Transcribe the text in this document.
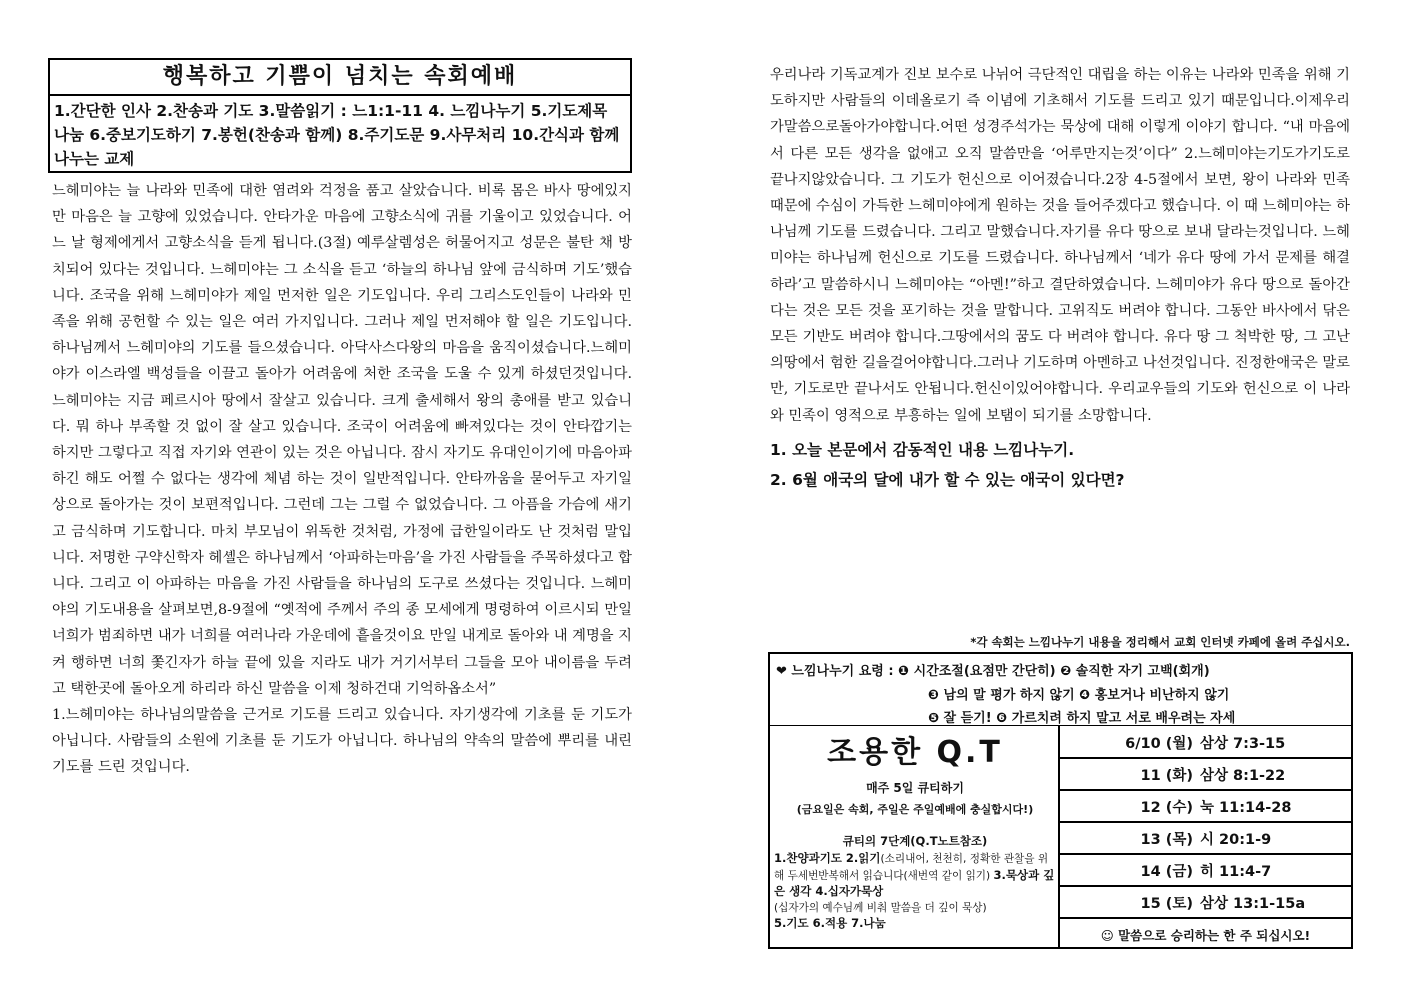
행복하고 기쁨이 넘치는 속회예배
1.간단한 인사 2.찬송과 기도 3.말씀읽기 : 느1:1-11 4. 느낌나누기 5.기도제목 나눔 6.중보기도하기 7.봉헌(찬송과 함께) 8.주기도문 9.사무처리 10.간식과 함께 나누는 교제

느헤미야는 늘 나라와 민족에 대한 염려와 걱정을 품고 살았습니다. 비록 몸은 바사 땅에있지만 마음은 늘 고향에 있었습니다. 안타가운 마음에 고향소식에 귀를 기울이고 있었습니다. 어느 날 형제에게서 고향소식을 듣게 됩니다.(3절) 예루살렘성은 허물어지고 성문은 불탄 채 방치되어 있다는 것입니다. 느헤미야는 그 소식을 듣고 ‘하늘의 하나님 앞에 금식하며 기도’했습니다. 조국을 위해 느헤미야가 제일 먼저한 일은 기도입니다. 우리 그리스도인들이 나라와 민족을 위해 공헌할 수 있는 일은 여러 가지입니다. 그러나 제일 먼저해야 할 일은 기도입니다. 하나님께서 느헤미야의 기도를 들으셨습니다. 아닥사스다왕의 마음을 움직이셨습니다.느헤미야가 이스라엘 백성들을 이끌고 돌아가 어려움에 처한 조국을 도울 수 있게 하셨던것입니다. 느헤미야는 지금 페르시아 땅에서 잘살고 있습니다. 크게 출세해서 왕의 총애를 받고 있습니다. 뭐 하나 부족할 것 없이 잘 살고 있습니다. 조국이 어려움에 빠져있다는 것이 안타깝기는 하지만 그렇다고 직접 자기와 연관이 있는 것은 아닙니다. 잠시 자기도 유대인이기에 마음아파 하긴 해도 어쩔 수 없다는 생각에 체념 하는 것이 일반적입니다. 안타까움을 묻어두고 자기일상으로 돌아가는 것이 보편적입니다. 그런데 그는 그럴 수 없었습니다. 그 아픔을 가슴에 새기고 금식하며 기도합니다. 마치 부모님이 위독한 것처럼, 가정에 급한일이라도 난 것처럼 말입니다. 저명한 구약신학자 헤셸은 하나님께서 ‘아파하는마음’을 가진 사람들을 주목하셨다고 합니다. 그리고 이 아파하는 마음을 가진 사람들을 하나님의 도구로 쓰셨다는 것입니다. 느헤미야의 기도내용을 살펴보면,8-9절에 “옛적에 주께서 주의 종 모세에게 명령하여 이르시되 만일 너희가 범죄하면 내가 너희를 여러나라 가운데에 흩을것이요 만일 내게로 돌아와 내 계명을 지켜 행하면 너희 쫓긴자가 하늘 끝에 있을 지라도 내가 거기서부터 그들을 모아 내이름을 두려고 택한곳에 돌아오게 하리라 하신 말씀을 이제 청하건대 기억하옵소서”

1.느헤미야는 하나님의말씀을 근거로 기도를 드리고 있습니다. 자기생각에 기초를 둔 기도가 아닙니다. 사람들의 소원에 기초를 둔 기도가 아닙니다. 하나님의 약속의 말씀에 뿌리를 내린 기도를 드린 것입니다.

우리나라 기독교계가 진보 보수로 나뉘어 극단적인 대립을 하는 이유는 나라와 민족을 위해 기도하지만 사람들의 이데올로기 즉 이념에 기초해서 기도를 드리고 있기 때문입니다.이제우리가말씀으로돌아가야합니다.어떤 성경주석가는 묵상에 대해 이렇게 이야기 합니다. “내 마음에서 다른 모든 생각을 없애고 오직 말씀만을 ‘어루만지는것’이다” 2.느헤미야는기도가기도로 끝나지않았습니다. 그 기도가 헌신으로 이어졌습니다.2장 4-5절에서 보면, 왕이 나라와 민족 때문에 수심이 가득한 느헤미야에게 원하는 것을 들어주겠다고 했습니다. 이 때 느헤미야는 하나님께 기도를 드렸습니다. 그리고 말했습니다.자기를 유다 땅으로 보내 달라는것입니다. 느헤미야는 하나님께 헌신으로 기도를 드렸습니다. 하나님께서 ‘네가 유다 땅에 가서 문제를 해결하라’고 말씀하시니 느헤미야는 “아멘!”하고 결단하였습니다. 느헤미야가 유다 땅으로 돌아간다는 것은 모든 것을 포기하는 것을 말합니다. 고위직도 버려야 합니다. 그동안 바사에서 닦은 모든 기반도 버려야 합니다.그땅에서의 꿈도 다 버려야 합니다. 유다 땅 그 척박한 땅, 그 고난의땅에서 험한 길을걸어야합니다.그러나 기도하며 아멘하고 나선것입니다. 진정한애국은 말로만, 기도로만 끝나서도 안됩니다.헌신이있어야합니다. 우리교우들의 기도와 헌신으로 이 나라와 민족이 영적으로 부흥하는 일에 보탬이 되기를 소망합니다.

1. 오늘 본문에서 감동적인 내용 느낌나누기.

2. 6월 애국의 달에 내가 할 수 있는 애국이 있다면?

*각 속회는 느낌나누기 내용을 정리해서 교회 인터넷 카페에 올려 주십시오.
❤ 느낌나누기 요령 : ❶ 시간조절(요점만 간단히) ❷ 솔직한 자기 고백(회개)
❸ 남의 말 평가 하지 않기 ❹ 홍보거나 비난하지 않기
❺ 잘 듣기! ❻ 가르치려 하지 말고 서로 배우려는 자세
조용한 Q.T
매주 5일 큐티하기
(금요일은 속회, 주일은 주일예배에 충실합시다!)
큐티의 7단계(Q.T노트참조)
1.찬양과기도 2.읽기(소리내어, 천천히, 정확한 관찰을 위해 두세번반복해서 읽습니다(새번역 같이 읽기) 3.묵상과 깊은 생각 4.십자가묵상
(십자가의 예수님께 비춰 말씀을 더 깊이 묵상)
5.기도 6.적용 7.나눔
6/10 (월) 삼상 7:3-15
11 (화) 삼상 8:1-22
12 (수) 눅 11:14-28
13 (목) 시 20:1-9
14 (금) 히 11:4-7
15 (토) 삼상 13:1-15a
☺ 말씀으로 승리하는 한 주 되십시오!
